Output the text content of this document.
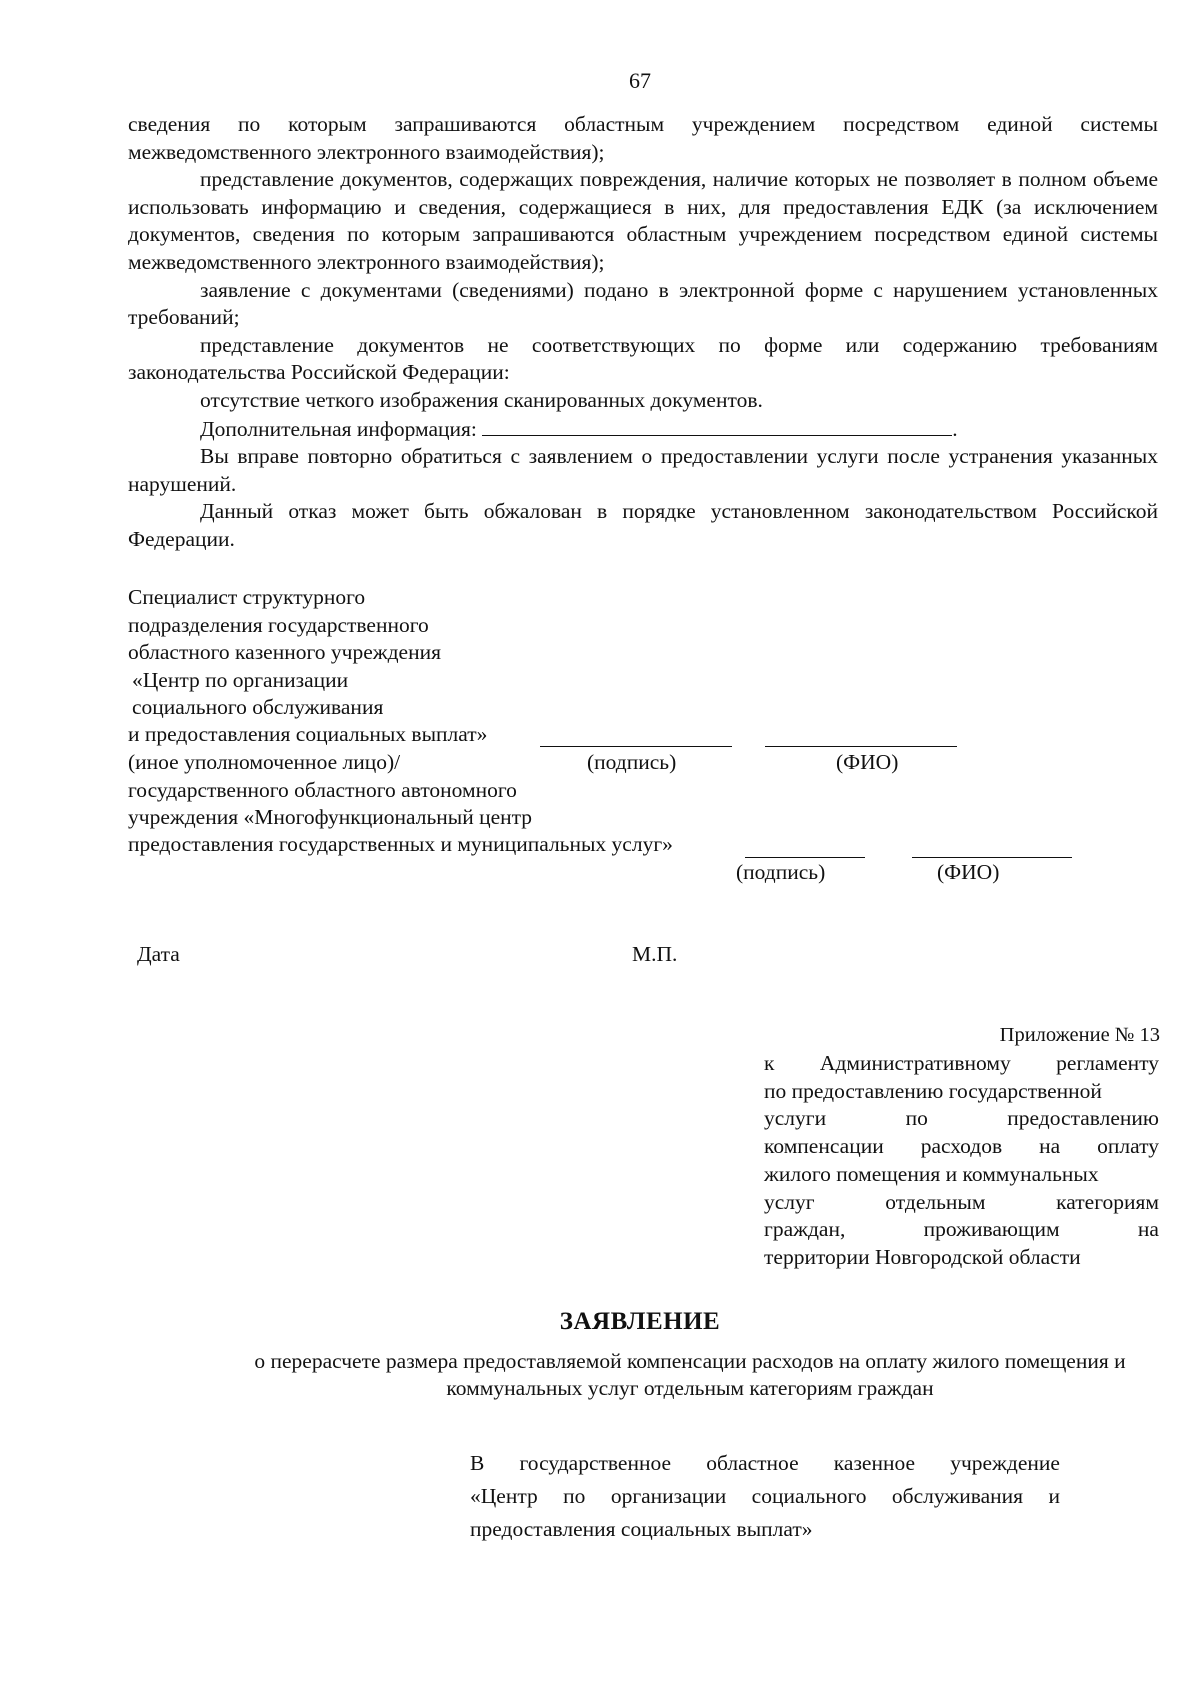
67

сведения по которым запрашиваются областным учреждением посредством единой системы межведомственного электронного взаимодействия);

представление документов, содержащих повреждения, наличие которых не позволяет в полном объеме использовать информацию и сведения, содержащиеся в них, для предоставления ЕДК (за исключением документов, сведения по которым запрашиваются областным учреждением посредством единой системы межведомственного электронного взаимодействия);

заявление с документами (сведениями) подано в электронной форме с нарушением установленных требований;

представление документов не соответствующих по форме или содержанию требованиям законодательства Российской Федерации:

отсутствие четкого изображения сканированных документов.

Дополнительная информация:	.

Вы вправе повторно обратиться с заявлением о предоставлении услуги после устранения указанных нарушений.

Данный отказ может быть обжалован в порядке установленном законодательством Российской Федерации.

Специалист структурного
подразделения государственного
областного казенного учреждения
«Центр по организации
социального обслуживания
и предоставления социальных выплат»
(иное уполномоченное лицо)/	(подпись)	(ФИО)
государственного областного автономного
учреждения «Многофункциональный центр
предоставления государственных и муниципальных услуг»
(подпись)	(ФИО)
Дата	М.П.
Приложение № 13
к Административному регламенту
по предоставлению государственной
услуги	по	предоставлению
компенсации расходов на оплату
жилого помещения и коммунальных
услуг	отдельным	категориям
граждан,	проживающим	на
территории Новгородской области
ЗАЯВЛЕНИЕ
о перерасчете размера предоставляемой компенсации расходов на оплату жилого помещения и коммунальных услуг отдельным категориям граждан
В государственное областное казенное учреждение
«Центр по организации социального обслуживания и
предоставления социальных выплат»
